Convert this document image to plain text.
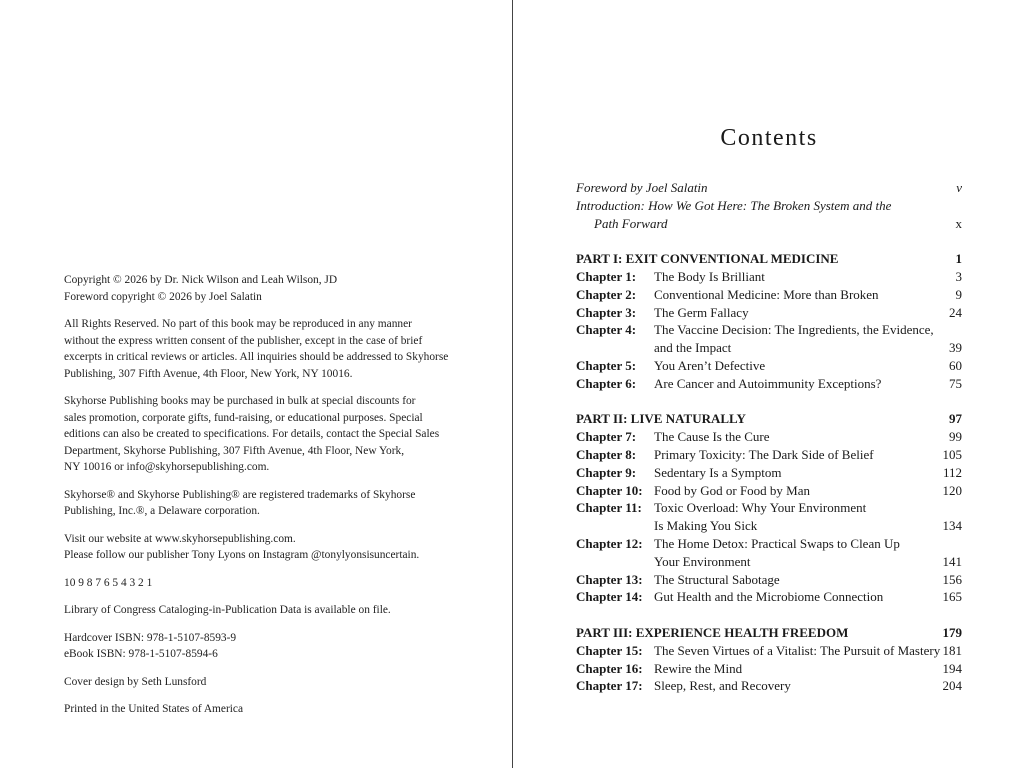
Copyright © 2026 by Dr. Nick Wilson and Leah Wilson, JD
Foreword copyright © 2026 by Joel Salatin
All Rights Reserved. No part of this book may be reproduced in any manner
without the express written consent of the publisher, except in the case of brief
excerpts in critical reviews or articles. All inquiries should be addressed to Skyhorse
Publishing, 307 Fifth Avenue, 4th Floor, New York, NY 10016.
Skyhorse Publishing books may be purchased in bulk at special discounts for
sales promotion, corporate gifts, fund-raising, or educational purposes. Special
editions can also be created to specifications. For details, contact the Special Sales
Department, Skyhorse Publishing, 307 Fifth Avenue, 4th Floor, New York,
NY 10016 or info@skyhorsepublishing.com.
Skyhorse® and Skyhorse Publishing® are registered trademarks of Skyhorse
Publishing, Inc.®, a Delaware corporation.
Visit our website at www.skyhorsepublishing.com.
Please follow our publisher Tony Lyons on Instagram @tonylyonsisuncertain.
10 9 8 7 6 5 4 3 2 1
Library of Congress Cataloging-in-Publication Data is available on file.
Hardcover ISBN: 978-1-5107-8593-9
eBook ISBN: 978-1-5107-8594-6
Cover design by Seth Lunsford
Printed in the United States of America
Contents
Foreword by Joel Salatin	v
Introduction: How We Got Here: The Broken System and the
Path Forward	x
PART I: EXIT CONVENTIONAL MEDICINE	1
Chapter 1: The Body Is Brilliant	3
Chapter 2: Conventional Medicine: More than Broken	9
Chapter 3: The Germ Fallacy	24
Chapter 4: The Vaccine Decision: The Ingredients, the Evidence,
and the Impact	39
Chapter 5: You Aren’t Defective	60
Chapter 6: Are Cancer and Autoimmunity Exceptions?	75
PART II: LIVE NATURALLY	97
Chapter 7: The Cause Is the Cure	99
Chapter 8: Primary Toxicity: The Dark Side of Belief	105
Chapter 9: Sedentary Is a Symptom	112
Chapter 10: Food by God or Food by Man	120
Chapter 11: Toxic Overload: Why Your Environment
Is Making You Sick	134
Chapter 12: The Home Detox: Practical Swaps to Clean Up
Your Environment	141
Chapter 13: The Structural Sabotage	156
Chapter 14: Gut Health and the Microbiome Connection	165
PART III: EXPERIENCE HEALTH FREEDOM	179
Chapter 15: The Seven Virtues of a Vitalist: The Pursuit of Mastery 181
Chapter 16: Rewire the Mind	194
Chapter 17: Sleep, Rest, and Recovery	204
